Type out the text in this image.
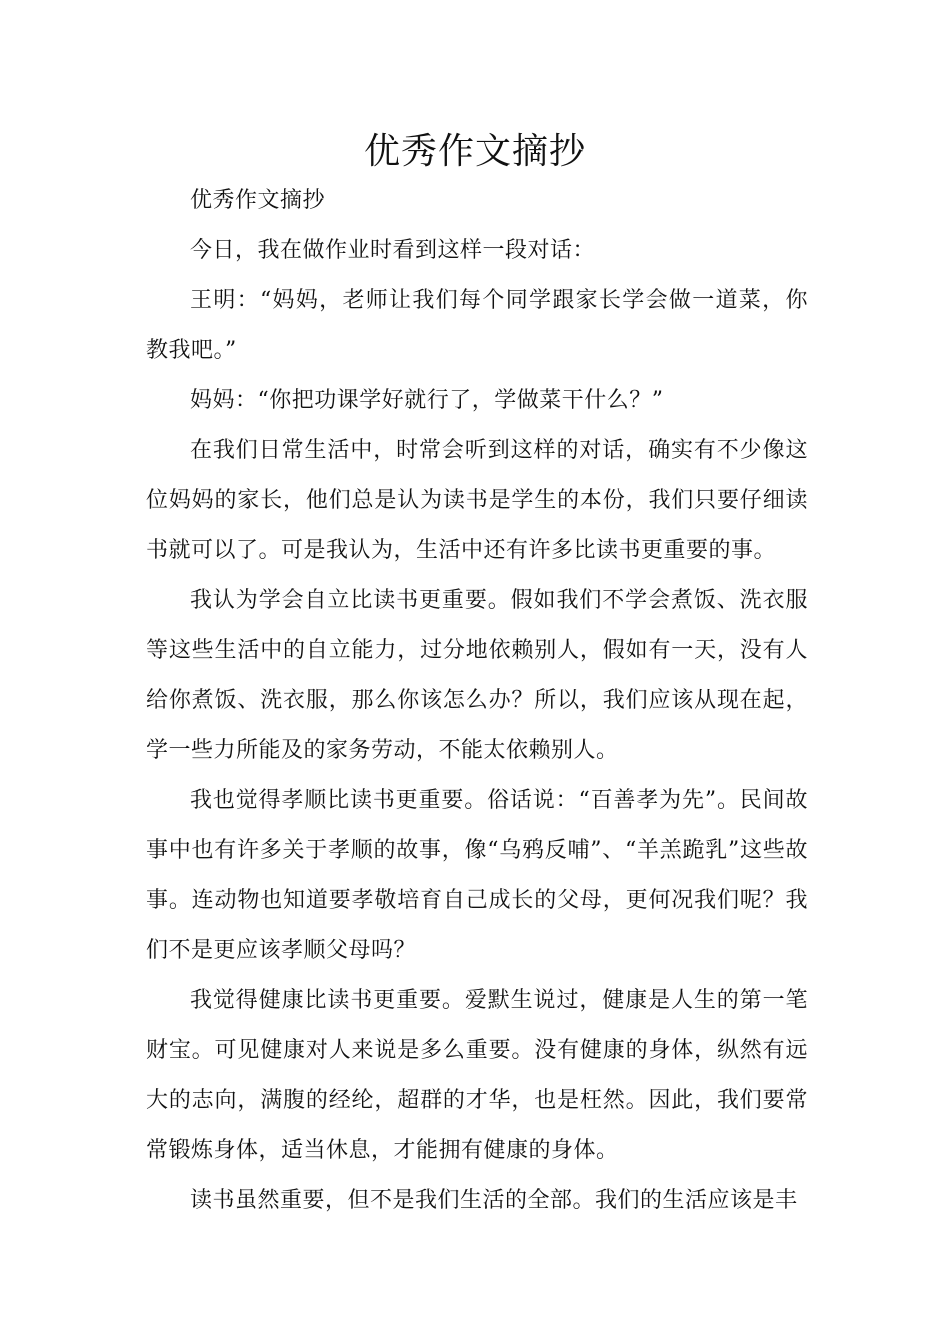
优秀作文摘抄

优秀作文摘抄

今日，我在做作业时看到这样一段对话：

王明：“妈妈，老师让我们每个同学跟家长学会做一道菜，你教我吧。”

妈妈：“你把功课学好就行了，学做菜干什么？”

在我们日常生活中，时常会听到这样的对话，确实有不少像这位妈妈的家长，他们总是认为读书是学生的本份，我们只要仔细读书就可以了。可是我认为，生活中还有许多比读书更重要的事。

我认为学会自立比读书更重要。假如我们不学会煮饭、洗衣服等这些生活中的自立能力，过分地依赖别人，假如有一天，没有人给你煮饭、洗衣服，那么你该怎么办？所以，我们应该从现在起，学一些力所能及的家务劳动，不能太依赖别人。

我也觉得孝顺比读书更重要。俗话说：“百善孝为先”。民间故事中也有许多关于孝顺的故事，像“乌鸦反哺”、“羊羔跪乳”这些故事。连动物也知道要孝敬培育自己成长的父母，更何况我们呢？我们不是更应该孝顺父母吗？

我觉得健康比读书更重要。爱默生说过，健康是人生的第一笔财宝。可见健康对人来说是多么重要。没有健康的身体，纵然有远大的志向，满腹的经纶，超群的才华，也是枉然。因此，我们要常常锻炼身体，适当休息，才能拥有健康的身体。

读书虽然重要，但不是我们生活的全部。我们的生活应该是丰
